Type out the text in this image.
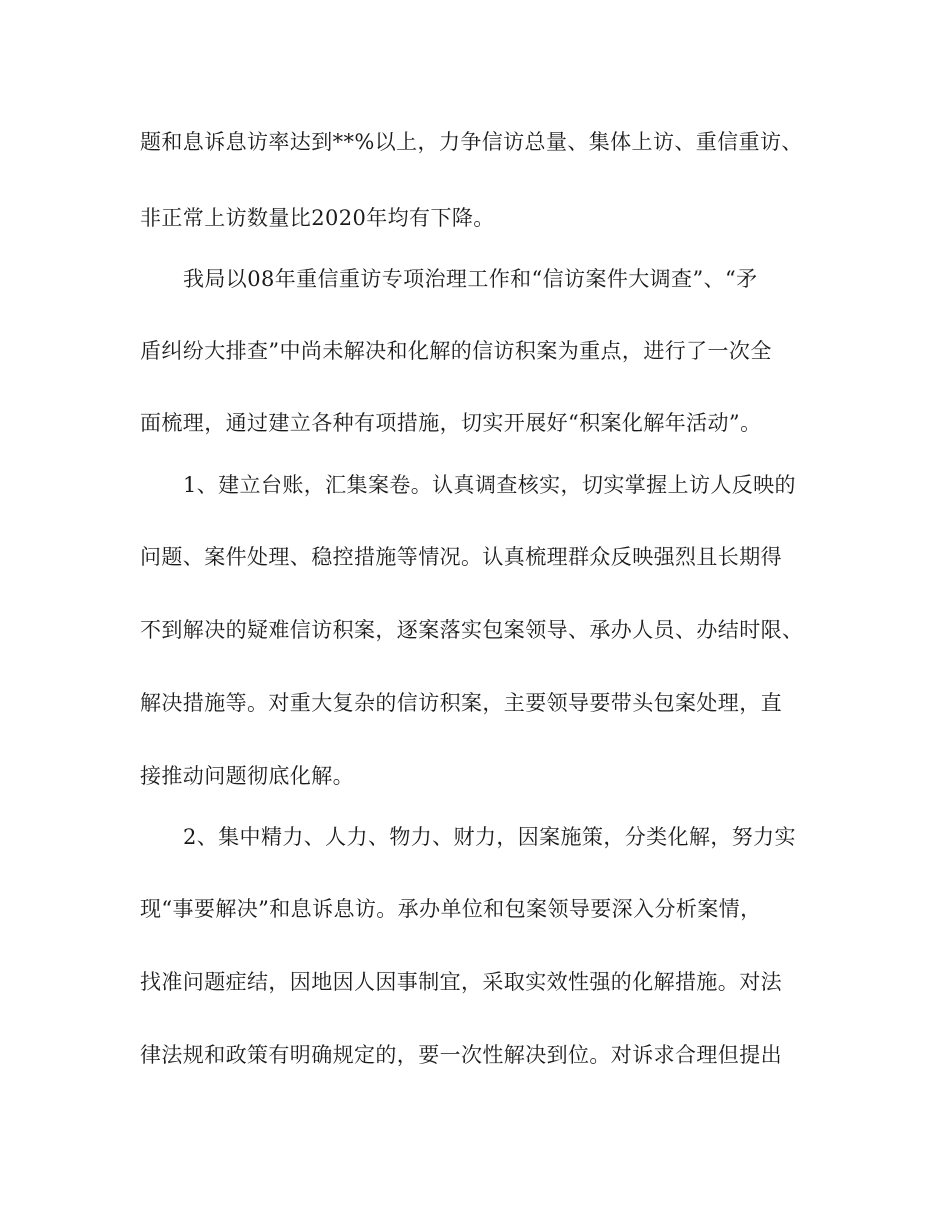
题和息诉息访率达到**%以上，力争信访总量、集体上访、重信重访、
非正常上访数量比2020年均有下降。
我局以08年重信重访专项治理工作和“信访案件大调查”、“矛
盾纠纷大排查”中尚未解决和化解的信访积案为重点，进行了一次全
面梳理，通过建立各种有项措施，切实开展好“积案化解年活动”。
1、建立台账，汇集案卷。认真调查核实，切实掌握上访人反映的
问题、案件处理、稳控措施等情况。认真梳理群众反映强烈且长期得
不到解决的疑难信访积案，逐案落实包案领导、承办人员、办结时限、
解决措施等。对重大复杂的信访积案，主要领导要带头包案处理，直
接推动问题彻底化解。
2、集中精力、人力、物力、财力，因案施策，分类化解，努力实
现“事要解决”和息诉息访。承办单位和包案领导要深入分析案情，
找准问题症结，因地因人因事制宜，采取实效性强的化解措施。对法
律法规和政策有明确规定的，要一次性解决到位。对诉求合理但提出
